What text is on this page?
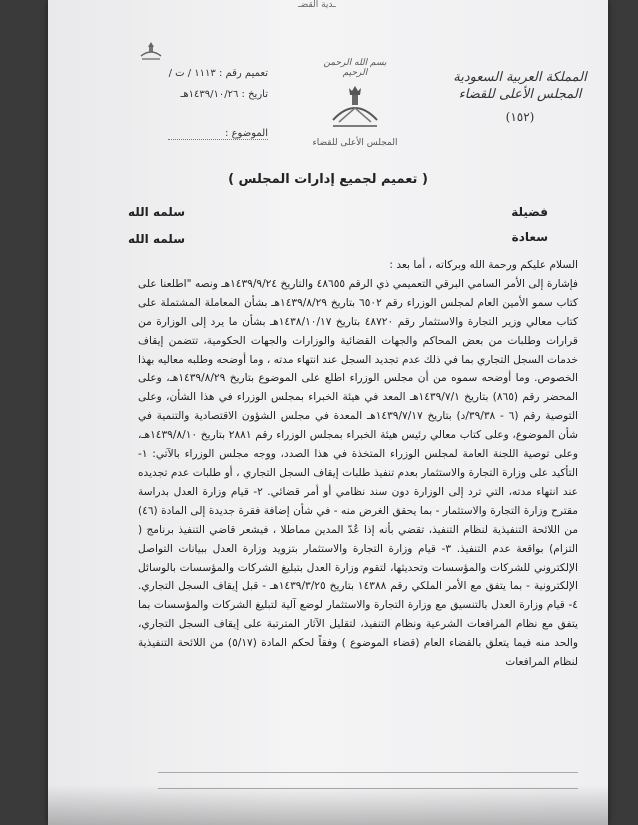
ـدية القضـ
المملكة العربية السعودية
المجلس الأعلى للقضاء
(١٥٢)
بسم الله الرحمن الرحيم
المجلس الأعلى للقضاء
تعميم رقم : ١١١٣ / ت /
تاريخ : ١٤٣٩/١٠/٢٦هـ
الموضوع :
( تعميم لجميع إدارات المجلس )
فضيلة
سعادة
سلمه الله
سلمه الله

السلام عليكم ورحمة الله وبركاته ، أما بعد :

فإشارة إلى الأمر السامي البرقي التعميمي ذي الرقم ٤٨٦٥٥ والتاريخ ١٤٣٩/٩/٢٤هـ ونصه "اطلعنا على كتاب سمو الأمين العام لمجلس الوزراء رقم ٦٥٠٢ بتاريخ ١٤٣٩/٨/٢٩هـ بشأن المعاملة المشتملة على كتاب معالي وزير التجارة والاستثمار رقم ٤٨٧٢٠ بتاريخ ١٤٣٨/١٠/١٧هـ بشأن ما يرد إلى الوزارة من قرارات وطلبات من بعض المحاكم والجهات القضائية والوزارات والجهات الحكومية، تتضمن إيقاف خدمات السجل التجاري بما في ذلك عدم تجديد السجل عند انتهاء مدته ، وما أوضحه وطلبه معاليه بهذا الخصوص. وما أوضحه سموه من أن مجلس الوزراء اطلع على الموضوع بتاريخ ١٤٣٩/٨/٢٩هـ، وعلى المحضر رقم (٨٦٥) بتاريخ ١٤٣٩/٧/١هـ المعد في هيئة الخبراء بمجلس الوزراء في هذا الشأن، وعلى التوصية رقم (٦ - ٣٩/٣٨/د) بتاريخ ١٤٣٩/٧/١٧هـ المعدة في مجلس الشؤون الاقتصادية والتنمية في شأن الموضوع، وعلى كتاب معالي رئيس هيئة الخبراء بمجلس الوزراء رقم ٢٨٨١ بتاريخ ١٤٣٩/٨/١٠هـ، وعلى توصية اللجنة العامة لمجلس الوزراء المتخذة في هذا الصدد، ووجه مجلس الوزراء بالآتي: ١- التأكيد على وزارة التجارة والاستثمار بعدم تنفيذ طلبات إيقاف السجل التجاري ، أو طلبات عدم تجديده عند انتهاء مدته، التي ترد إلى الوزارة دون سند نظامي أو أمر قضائي. ٢- قيام وزارة العدل بدراسة مقترح وزارة التجارة والاستثمار - بما يحقق الغرض منه - في شأن إضافة فقرة جديدة إلى المادة (٤٦) من اللائحة التنفيذية لنظام التنفيذ، تقضي بأنه إذا عُدّ المدين مماطلا ، فيشعر قاضي التنفيذ برنامج ( التزام) بواقعة عدم التنفيذ. ٣- قيام وزارة التجارة والاستثمار بتزويد وزارة العدل ببيانات التواصل الإلكتروني للشركات والمؤسسات وتحديثها، لتقوم وزارة العدل بتبليغ الشركات والمؤسسات بالوسائل الإلكترونية - بما يتفق مع الأمر الملكي رقم ١٤٣٨٨ بتاريخ ١٤٣٩/٣/٢٥هـ - قبل إيقاف السجل التجاري. ٤- قيام وزارة العدل بالتنسيق مع وزارة التجارة والاستثمار لوضع آلية لتبليغ الشركات والمؤسسات بما يتفق مع نظام المرافعات الشرعية ونظام التنفيذ، لتقليل الآثار المترتبة على إيقاف السجل التجاري، والحد منه فيما يتعلق بالقضاء العام (قضاء الموضوع ) وفقاً لحكم المادة (٥/١٧) من اللائحة التنفيذية لنظام المرافعات
